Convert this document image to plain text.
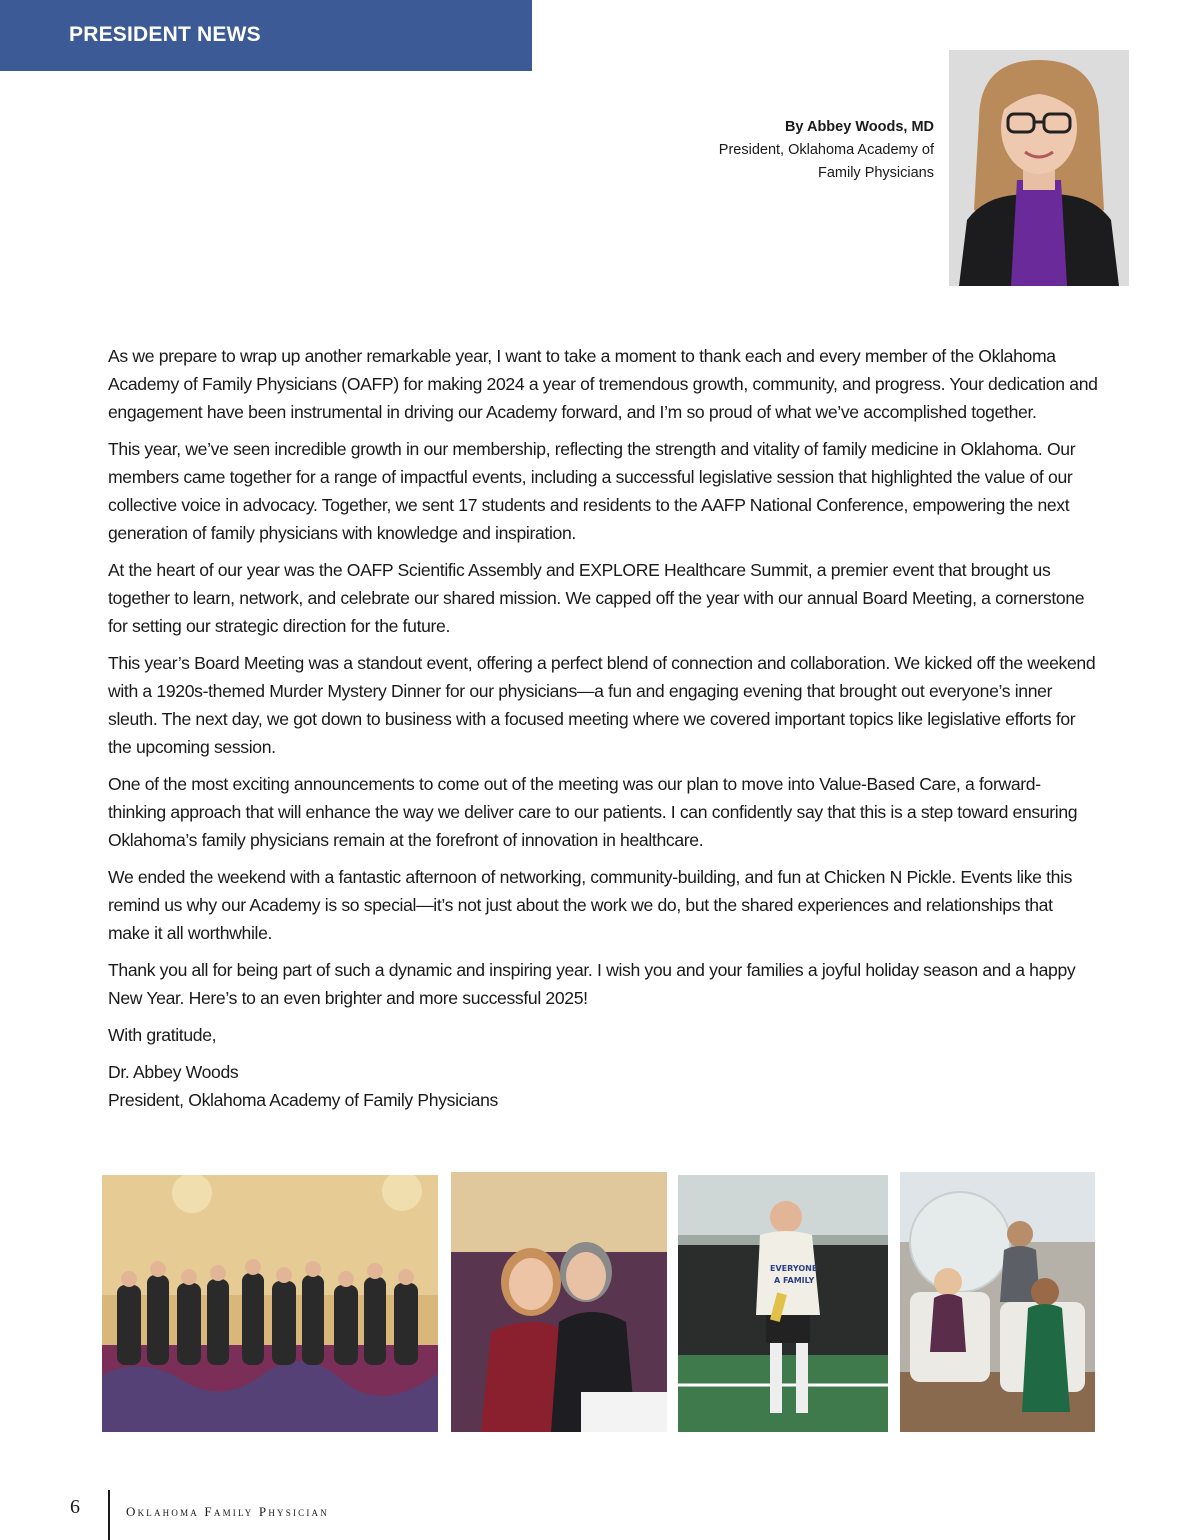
PRESIDENT NEWS
By Abbey Woods, MD
President, Oklahoma Academy of
Family Physicians

As we prepare to wrap up another remarkable year, I want to take a moment to thank each and every member of the Oklahoma Academy of Family Physicians (OAFP) for making 2024 a year of tremendous growth, community, and progress. Your dedication and engagement have been instrumental in driving our Academy forward, and I’m so proud of what we’ve accomplished together.

This year, we’ve seen incredible growth in our membership, reflecting the strength and vitality of family medicine in Oklahoma. Our members came together for a range of impactful events, including a successful legislative session that highlighted the value of our collective voice in advocacy. Together, we sent 17 students and residents to the AAFP National Conference, empowering the next generation of family physicians with knowledge and inspiration.

At the heart of our year was the OAFP Scientific Assembly and EXPLORE Healthcare Summit, a premier event that brought us together to learn, network, and celebrate our shared mission. We capped off the year with our annual Board Meeting, a cornerstone for setting our strategic direction for the future.

This year’s Board Meeting was a standout event, offering a perfect blend of connection and collaboration. We kicked off the weekend with a 1920s-themed Murder Mystery Dinner for our physicians—a fun and engaging evening that brought out everyone’s inner sleuth. The next day, we got down to business with a focused meeting where we covered important topics like legislative efforts for the upcoming session.

One of the most exciting announcements to come out of the meeting was our plan to move into Value-Based Care, a forward-thinking approach that will enhance the way we deliver care to our patients. I can confidently say that this is a step toward ensuring Oklahoma’s family physicians remain at the forefront of innovation in healthcare.

We ended the weekend with a fantastic afternoon of networking, community-building, and fun at Chicken N Pickle. Events like this remind us why our Academy is so special—it’s not just about the work we do, but the shared experiences and relationships that make it all worthwhile.

Thank you all for being part of such a dynamic and inspiring year. I wish you and your families a joyful holiday season and a happy New Year. Here’s to an even brighter and more successful 2025!

With gratitude,

Dr. Abbey Woods
President, Oklahoma Academy of Family Physicians

EVERYONE
A FAMILY
6	Oklahoma Family Physician
